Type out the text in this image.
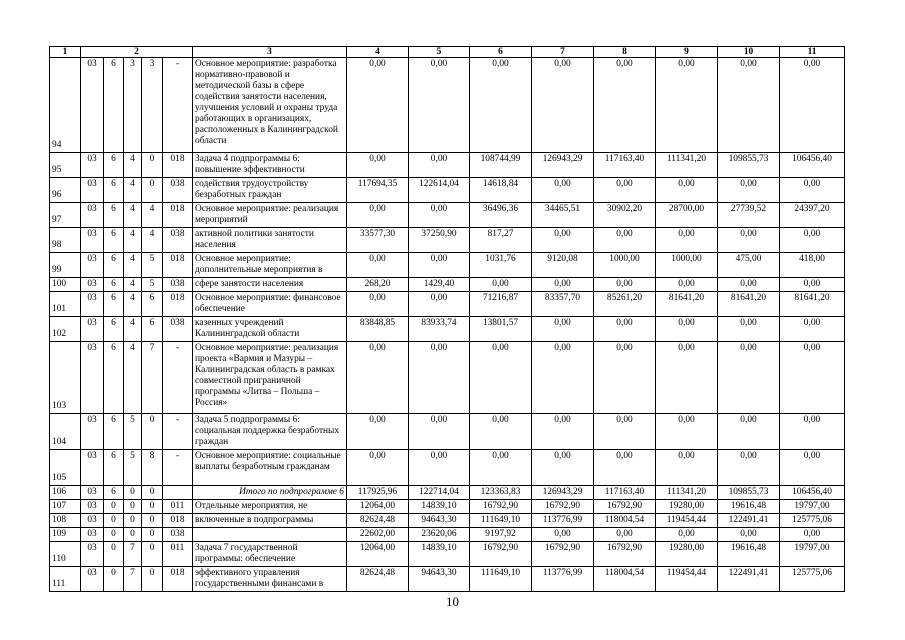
1	2					3	4	5	6	7	8	9	10	11
94	03	6	3	3	-	Основное мероприятие: разработка нормативно-правовой и методической базы в сфере содействия занятости населения, улучшения условий и охраны труда работающих в организациях, расположенных в Калининградской области	0,00	0,00	0,00	0,00	0,00	0,00	0,00	0,00
95	03	6	4	0	018	Задача 4 подпрограммы 6: повышение эффективности	0,00	0,00	108744,99	126943,29	117163,40	111341,20	109855,73	106456,40
96	03	6	4	0	038	содействия трудоустройству безработных граждан	117694,35	122614,04	14618,84	0,00	0,00	0,00	0,00	0,00
97	03	6	4	4	018	Основное мероприятие: реализация мероприятий	0,00	0,00	36496,36	34465,51	30902,20	28700,00	27739,52	24397,20
98	03	6	4	4	038	активной политики занятости населения	33577,30	37250,90	817,27	0,00	0,00	0,00	0,00	0,00
99	03	6	4	5	018	Основное мероприятие: дополнительные мероприятия в	0,00	0,00	1031,76	9120,08	1000,00	1000,00	475,00	418,00
100	03	6	4	5	038	сфере занятости населения	268,20	1429,40	0,00	0,00	0,00	0,00	0,00	0,00
101	03	6	4	6	018	Основное мероприятие: финансовое обеспечение	0,00	0,00	71216,87	83357,70	85261,20	81641,20	81641,20	81641,20
102	03	6	4	6	038	казенных учреждений Калининградской области	83848,85	83933,74	13801,57	0,00	0,00	0,00	0,00	0,00
103	03	6	4	7	-	Основное мероприятие: реализация проекта «Вармия и Мазуры – Калининградская область в рамках совместной приграничной программы «Литва – Польша – Россия»	0,00	0,00	0,00	0,00	0,00	0,00	0,00	0,00
104	03	6	5	0	-	Задача 5 подпрограммы 6: социальная поддержка безработных граждан	0,00	0,00	0,00	0,00	0,00	0,00	0,00	0,00
105	03	6	5	8	-	Основное мероприятие: социальные выплаты безработным гражданам	0,00	0,00	0,00	0,00	0,00	0,00	0,00	0,00
106	03	6	0	0		Итого по подпрограмме 6	117925,96	122714,04	123363,83	126943,29	117163,40	111341,20	109855,73	106456,40
107	03	0	0	0	011	Отдельные мероприятия, не	12064,00	14839,10	16792,90	16792,90	16792,90	19280,00	19616,48	19797,00
108	03	0	0	0	018	включенные в подпрограммы	82624,48	94643,30	111649,10	113776,99	118004,54	119454,44	122491,41	125775,06
109	03	0	0	0	038		22602,00	23620,06	9197,92	0,00	0,00	0,00	0,00	0,00
110	03	0	7	0	011	Задача 7 государственной программы: обеспечение	12064,00	14839,10	16792,90	16792,90	16792,90	19280,00	19616,48	19797,00
111	03	0	7	0	018	эффективного управления государственными финансами в	82624,48	94643,30	111649,10	113776,99	118004,54	119454,44	122491,41	125775,06
10
